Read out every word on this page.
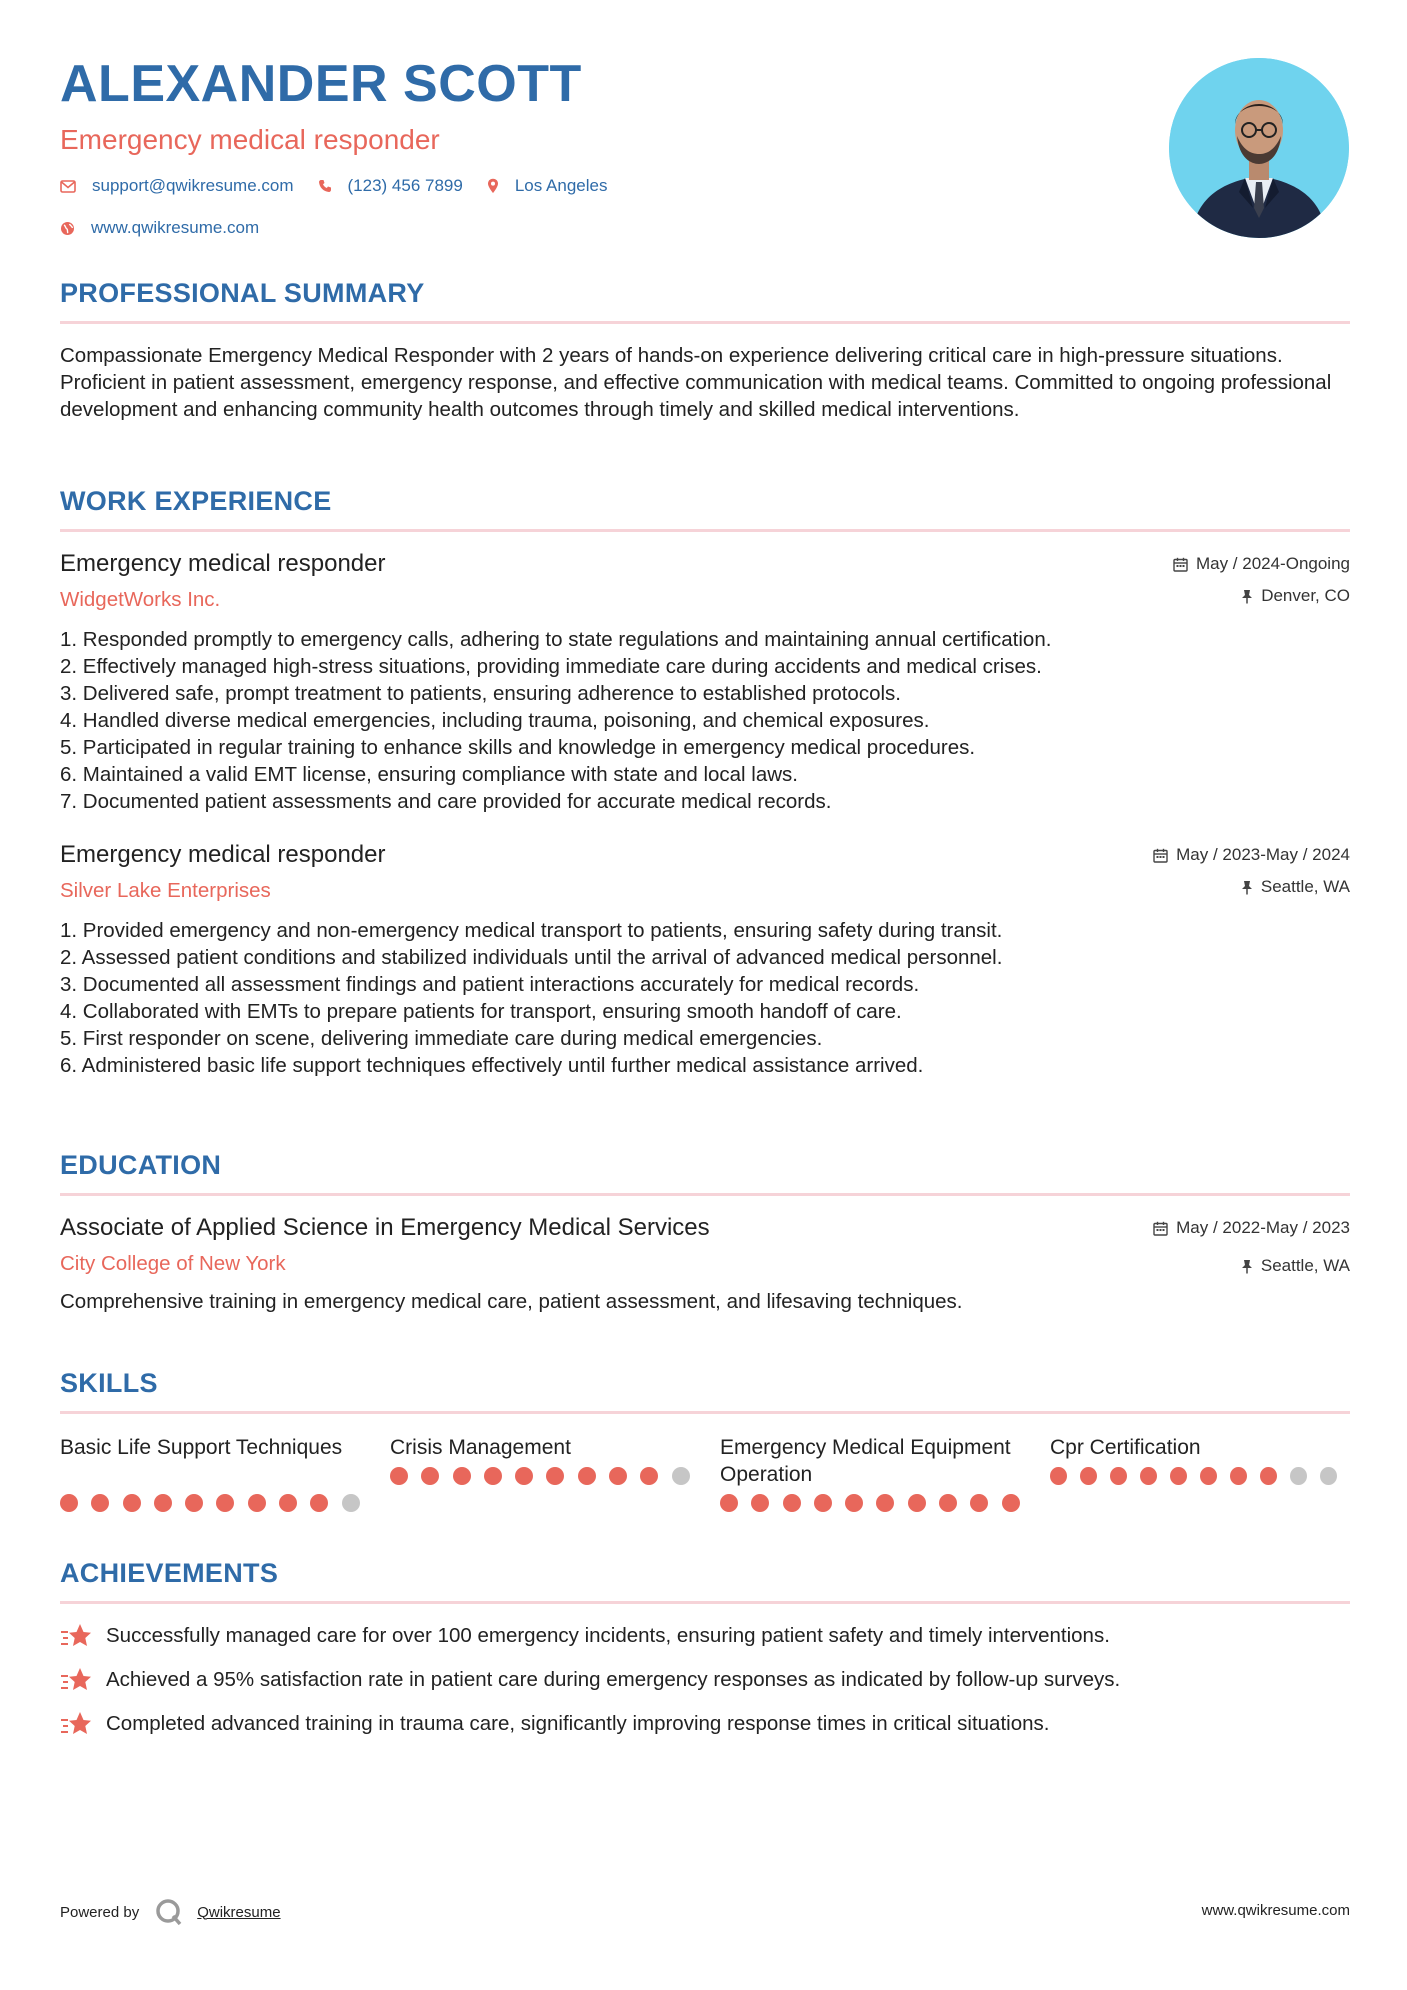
ALEXANDER SCOTT
Emergency medical responder
support@qwikresume.com	(123) 456 7899	Los Angeles
www.qwikresume.com
PROFESSIONAL SUMMARY
Compassionate Emergency Medical Responder with 2 years of hands-on experience delivering critical care in high-pressure situations. Proficient in patient assessment, emergency response, and effective communication with medical teams. Committed to ongoing professional development and enhancing community health outcomes through timely and skilled medical interventions.
WORK EXPERIENCE
Emergency medical responder
WidgetWorks Inc.
May / 2024-Ongoing
Denver, CO
1. Responded promptly to emergency calls, adhering to state regulations and maintaining annual certification.
2. Effectively managed high-stress situations, providing immediate care during accidents and medical crises.
3. Delivered safe, prompt treatment to patients, ensuring adherence to established protocols.
4. Handled diverse medical emergencies, including trauma, poisoning, and chemical exposures.
5. Participated in regular training to enhance skills and knowledge in emergency medical procedures.
6. Maintained a valid EMT license, ensuring compliance with state and local laws.
7. Documented patient assessments and care provided for accurate medical records.
Emergency medical responder
Silver Lake Enterprises
May / 2023-May / 2024
Seattle, WA
1. Provided emergency and non-emergency medical transport to patients, ensuring safety during transit.
2. Assessed patient conditions and stabilized individuals until the arrival of advanced medical personnel.
3. Documented all assessment findings and patient interactions accurately for medical records.
4. Collaborated with EMTs to prepare patients for transport, ensuring smooth handoff of care.
5. First responder on scene, delivering immediate care during medical emergencies.
6. Administered basic life support techniques effectively until further medical assistance arrived.
EDUCATION
Associate of Applied Science in Emergency Medical Services
City College of New York
May / 2022-May / 2023
Seattle, WA
Comprehensive training in emergency medical care, patient assessment, and lifesaving techniques.
SKILLS
Basic Life Support Techniques	Crisis Management	Emergency Medical Equipment Operation
Cpr Certification
ACHIEVEMENTS
Successfully managed care for over 100 emergency incidents, ensuring patient safety and timely interventions.
Achieved a 95% satisfaction rate in patient care during emergency responses as indicated by follow-up surveys.
Completed advanced training in trauma care, significantly improving response times in critical situations.
Powered by	Qwikresume	www.qwikresume.com
